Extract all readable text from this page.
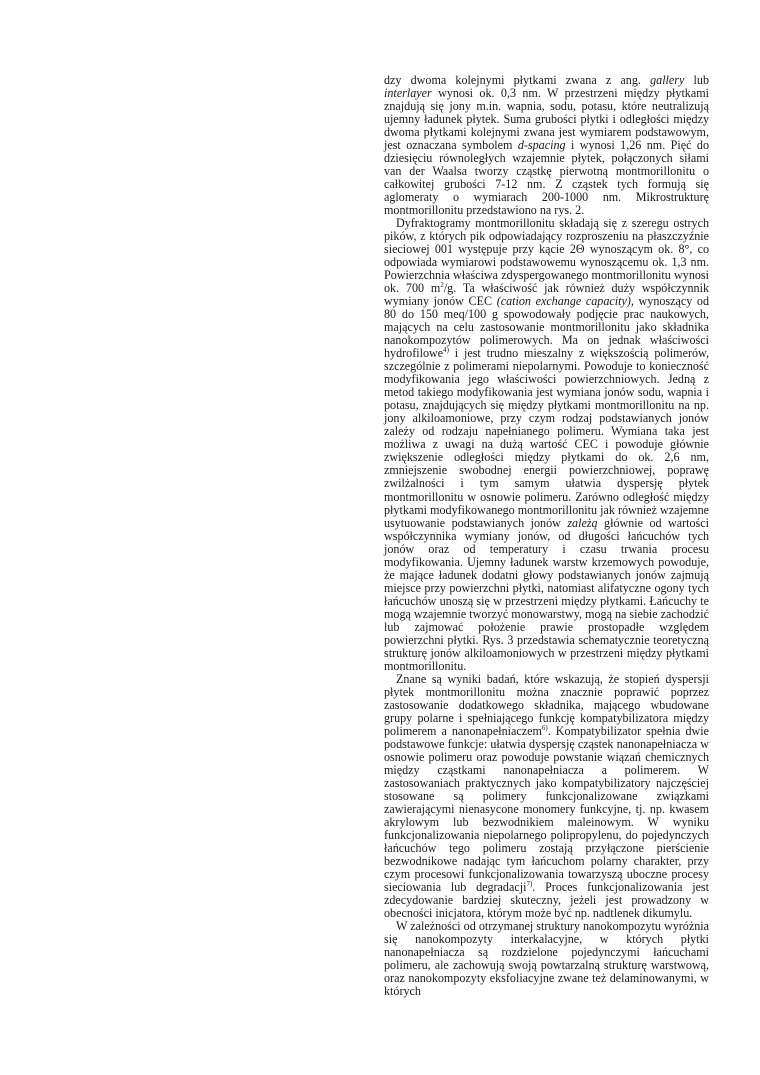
dzy dwoma kolejnymi płytkami zwana z ang. gallery lub interlayer wynosi ok. 0,3 nm. W przestrzeni między płytkami znajdują się jony m.in. wapnia, sodu, potasu, które neutralizują ujemny ładunek płytek. Suma grubości płytki i odległości między dwoma płytkami kolejnymi zwana jest wymiarem podstawowym, jest oznaczana symbolem d-spacing i wynosi 1,26 nm. Pięć do dziesięciu równoległych wzajemnie płytek, połączonych siłami van der Waalsa tworzy cząstkę pierwotną montmorillonitu o całkowitej grubości 7-12 nm. Z cząstek tych formują się aglomeraty o wymiarach 200-1000 nm. Mikrostrukturę montmorillonitu przedstawiono na rys. 2.

Dyfraktogramy montmorillonitu składają się z szeregu ostrych pików, z których pik odpowiadający rozproszeniu na płaszczyźnie sieciowej 001 występuje przy kącie 2Θ wynoszącym ok. 8°, co odpowiada wymiarowi podstawowemu wynoszącemu ok. 1,3 nm. Powierzchnia właściwa zdyspergowanego montmorillonitu wynosi ok. 700 $m^2/g$. Ta właściwość jak również duży współczynnik wymiany jonów CEC (cation exchange capacity), wynoszący od 80 do 150 meq/100 g spowodowały podjęcie prac naukowych, mających na celu zastosowanie montmorillonitu jako składnika nanokompozytów polimerowych. Ma on jednak właściwości hydrofilowe$^{4)}$ i jest trudno mieszalny z większością polimerów, szczególnie z polimerami niepolarnymi. Powoduje to konieczność modyfikowania jego właściwości powierzchniowych. Jedną z metod takiego modyfikowania jest wymiana jonów sodu, wapnia i potasu, znajdujących się między płytkami montmorillonitu na np. jony alkiloamoniowe, przy czym rodzaj podstawianych jonów zależy od rodzaju napełnianego polimeru. Wymiana taka jest możliwa z uwagi na dużą wartość CEC i powoduje głównie zwiększenie odległości między płytkami do ok. 2,6 nm, zmniejszenie swobodnej energii powierzchniowej, poprawę zwilżalności i tym samym ułatwia dyspersję płytek montmorillonitu w osnowie polimeru. Zarówno odległość między płytkami modyfikowanego montmorillonitu jak również wzajemne usytuowanie podstawianych jonów zależą głównie od wartości współczynnika wymiany jonów, od długości łańcuchów tych jonów oraz od temperatury i czasu trwania procesu modyfikowania. Ujemny ładunek warstw krzemowych powoduje, że mające ładunek dodatni głowy podstawianych jonów zajmują miejsce przy powierzchni płytki, natomiast alifatyczne ogony tych łańcuchów unoszą się w przestrzeni między płytkami. Łańcuchy te mogą wzajemnie tworzyć monowarstwy, mogą na siebie zachodzić lub zajmować położenie prawie prostopadłe względem powierzchni płytki. Rys. 3 przedstawia schematycznie teoretyczną strukturę jonów alkiloamoniowych w przestrzeni między płytkami montmorillonitu.

Znane są wyniki badań, które wskazują, że stopień dyspersji płytek montmorillonitu można znacznie poprawić poprzez zastosowanie dodatkowego składnika, mającego wbudowane grupy polarne i spełniającego funkcję kompatybilizatora między polimerem a nanonapełniaczem$^{6)}$. Kompatybilizator spełnia dwie podstawowe funkcje: ułatwia dyspersję cząstek nanonapełniacza w osnowie polimeru oraz powoduje powstanie wiązań chemicznych między cząstkami nanonapełniacza a polimerem. W zastosowaniach praktycznych jako kompatybilizatory najczęściej stosowane są polimery funkcjonalizowane związkami zawierającymi nienasycone monomery funkcyjne, tj. np. kwasem akrylowym lub bezwodnikiem maleinowym. W wyniku funkcjonalizowania niepolarnego polipropylenu, do pojedynczych łańcuchów tego polimeru zostają przyłączone pierścienie bezwodnikowe nadając tym łańcuchom polarny charakter, przy czym procesowi funkcjonalizowania towarzyszą uboczne procesy sieciowania lub degradacji$^{7)}$. Proces funkcjonalizowania jest zdecydowanie bardziej skuteczny, jeżeli jest prowadzony w obecności inicjatora, którym może być np. nadtlenek dikumylu.

W zależności od otrzymanej struktury nanokompozytu wyróżnia się nanokompozyty interkalacyjne, w których płytki nanonapełniacza są rozdzielone pojedynczymi łańcuchami polimeru, ale zachowują swoją powtarzalną strukturę warstwową, oraz nanokompozyty eksfoliacyjne zwane też delaminowanymi, w których
